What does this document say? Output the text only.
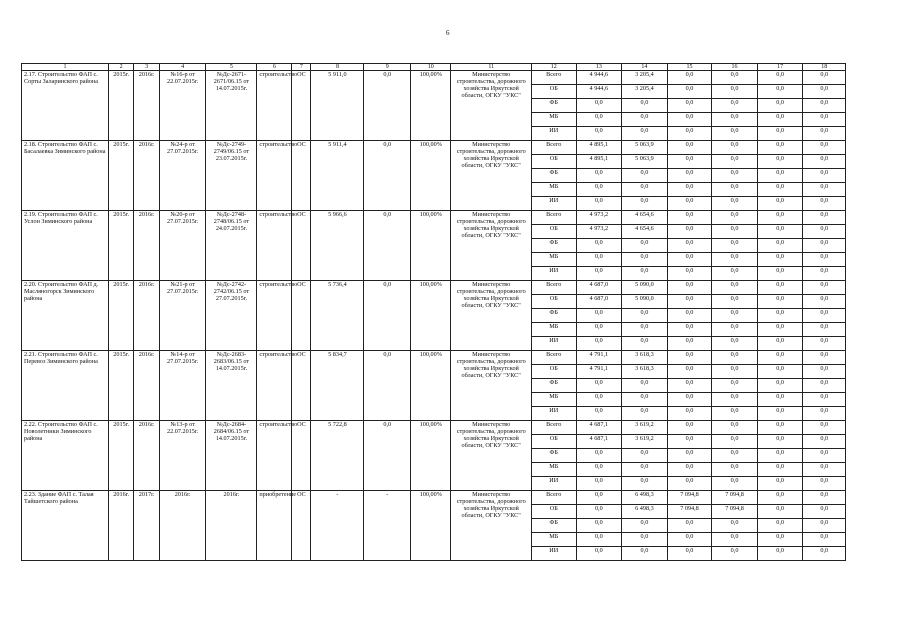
6
1	2	3	4	5	6	7	8	9	10	11	12	13	14	15	16	17	18
2.17. Строительство ФАП с. Сорты Заларинского района	2015г.	2016г.	№16-р от 22.07.2015г.	№Дс-2671-2671/06.15 от 14.07.2015г.	строительство	ОС	5 911,0	0,0	100,00%	Министерство строительства, дорожного хозяйства Иркутской области, ОГКУ "УКС"	Всего	4 944,6	3 205,4	0,0	0,0	0,0	0,0
											ОБ	4 944,6	3 205,4	0,0	0,0	0,0	0,0
											ФБ	0,0	0,0	0,0	0,0	0,0	0,0
											МБ	0,0	0,0	0,0	0,0	0,0	0,0
											ИИ	0,0	0,0	0,0	0,0	0,0	0,0
2.18. Строительство ФАП с. Басалаевка Зиминского района	2015г.	2016г.	№24-р от 27.07.2015г.	№Дс-2749-2749/06.15 от 23.07.2015г.	строительство	ОС	5 911,4	0,0	100,00%	Министерство строительства, дорожного хозяйства Иркутской области, ОГКУ "УКС"	Всего	4 895,1	5 063,9	0,0	0,0	0,0	0,0
											ОБ	4 895,1	5 063,9	0,0	0,0	0,0	0,0
											ФБ	0,0	0,0	0,0	0,0	0,0	0,0
											МБ	0,0	0,0	0,0	0,0	0,0	0,0
											ИИ	0,0	0,0	0,0	0,0	0,0	0,0
2.19. Строительство ФАП с. Услон Зиминского района	2015г.	2016г.	№20-р от 27.07.2015г.	№Дс-2748-2748/06.15 от 24.07.2015г.	строительство	ОС	5 966,6	0,0	100,00%	Министерство строительства, дорожного хозяйства Иркутской области, ОГКУ "УКС"	Всего	4 973,2	4 654,6	0,0	0,0	0,0	0,0
											ОБ	4 973,2	4 654,6	0,0	0,0	0,0	0,0
											ФБ	0,0	0,0	0,0	0,0	0,0	0,0
											МБ	0,0	0,0	0,0	0,0	0,0	0,0
											ИИ	0,0	0,0	0,0	0,0	0,0	0,0
2.20. Строительство ФАП д. Масляногорск Зиминского района	2015г.	2016г.	№21-р от 27.07.2015г.	№Дс-2742-2742/06.15 от 27.07.2015г.	строительство	ОС	5 736,4	0,0	100,00%	Министерство строительства, дорожного хозяйства Иркутской области, ОГКУ "УКС"	Всего	4 687,0	5 090,0	0,0	0,0	0,0	0,0
											ОБ	4 687,0	5 090,0	0,0	0,0	0,0	0,0
											ФБ	0,0	0,0	0,0	0,0	0,0	0,0
											МБ	0,0	0,0	0,0	0,0	0,0	0,0
											ИИ	0,0	0,0	0,0	0,0	0,0	0,0
2.21. Строительство ФАП с. Перевоз Зиминского района	2015г.	2016г.	№14-р от 27.07.2015г.	№Дс-2683-2683/06.15 от 14.07.2015г.	строительство	ОС	5 834,7	0,0	100,00%	Министерство строительства, дорожного хозяйства Иркутской области, ОГКУ "УКС"	Всего	4 791,1	3 618,3	0,0	0,0	0,0	0,0
											ОБ	4 791,1	3 618,3	0,0	0,0	0,0	0,0
											ФБ	0,0	0,0	0,0	0,0	0,0	0,0
											МБ	0,0	0,0	0,0	0,0	0,0	0,0
											ИИ	0,0	0,0	0,0	0,0	0,0	0,0
2.22. Строительство ФАП с. Новолетники Зиминского района	2015г.	2016г.	№13-р от 22.07.2015г.	№Дс-2684-2684/06.15 от 14.07.2015г.	строительство	ОС	5 722,8	0,0	100,00%	Министерство строительства, дорожного хозяйства Иркутской области, ОГКУ "УКС"	Всего	4 687,1	3 619,2	0,0	0,0	0,0	0,0
											ОБ	4 687,1	3 619,2	0,0	0,0	0,0	0,0
											ФБ	0,0	0,0	0,0	0,0	0,0	0,0
											МБ	0,0	0,0	0,0	0,0	0,0	0,0
											ИИ	0,0	0,0	0,0	0,0	0,0	0,0
2.23. Здание ФАП с. Талая Тайшетского района	2016г.	2017г.	2016г.	2016г.	приобретение	ОС	-	-	100,00%	Министерство строительства, дорожного хозяйства Иркутской области, ОГКУ "УКС"	Всего	0,0	6 498,3	7 094,8	7 094,8	0,0	0,0
											ОБ	0,0	6 498,3	7 094,8	7 094,8	0,0	0,0
											ФБ	0,0	0,0	0,0	0,0	0,0	0,0
											МБ	0,0	0,0	0,0	0,0	0,0	0,0
											ИИ	0,0	0,0	0,0	0,0	0,0	0,0
